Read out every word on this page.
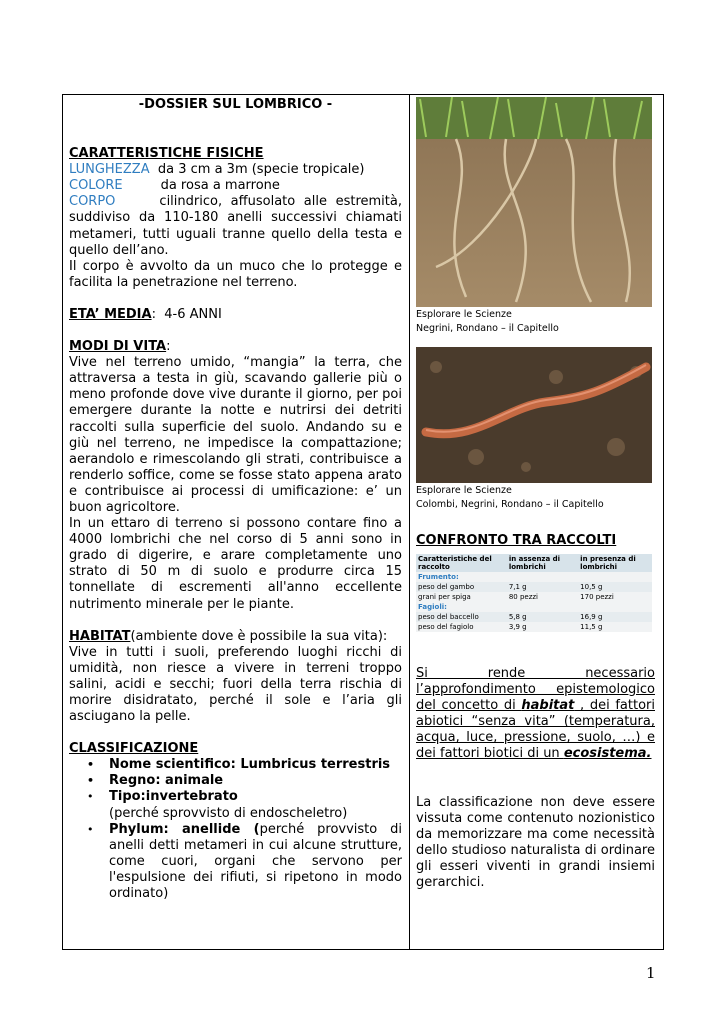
-DOSSIER SUL LOMBRICO -

CARATTERISTICHE FISICHE

LUNGHEZZA da 3 cm a 3m (specie tropicale)

COLORE	da rosa a marrone

CORPO	cilindrico, affusolato alle estremità, suddiviso da 110-180 anelli successivi chiamati metameri, tutti uguali tranne quello della testa e quello dell’ano.

Il corpo è avvolto da un muco che lo protegge e facilita la penetrazione nel terreno.

ETA’ MEDIA: 4-6 ANNI

MODI DI VITA:

Vive nel terreno umido, “mangia” la terra, che attraversa a testa in giù, scavando gallerie più o meno profonde dove vive durante il giorno, per poi emergere durante la notte e nutrirsi dei detriti raccolti sulla superficie del suolo. Andando su e giù nel terreno, ne impedisce la compattazione; aerandolo e rimescolando gli strati, contribuisce a renderlo soffice, come se fosse stato appena arato e contribuisce ai processi di umificazione: e’ un buon agricoltore.

In un ettaro di terreno si possono contare fino a 4000 lombrichi che nel corso di 5 anni sono in grado di digerire, e arare completamente uno strato di 50 m di suolo e produrre circa 15 tonnellate di escrementi all'anno eccellente nutrimento minerale per le piante.

HABITAT(ambiente dove è possibile la sua vita):

Vive in tutti i suoli, preferendo luoghi ricchi di umidità, non riesce a vivere in terreni troppo salini, acidi e secchi; fuori della terra rischia di morire disidratato, perché il sole e l’aria gli asciugano la pelle.

CLASSIFICAZIONE

• Nome scientifico: Lumbricus terrestris
• Regno: animale
• Tipo:invertebrato
(perché sprovvisto di endoscheletro)
• Phylum: anellide (perché provvisto di anelli detti metameri in cui alcune strutture, come cuori, organi che servono per l'espulsione dei rifiuti, si ripetono in modo ordinato)

Esplorare le Scienze

Negrini, Rondano – il Capitello

Esplorare le Scienze

Colombi, Negrini, Rondano – il Capitello

CONFRONTO TRA RACCOLTI

Caratteristiche del raccolto	in assenza di lombrichi	in presenza di lombrichi
Frumento:		
peso del gambo	7,1 g	10,5 g
grani per spiga	80 pezzi	170 pezzi
Fagioli:		
peso del baccello	5,8 g	16,9 g
peso del fagiolo	3,9 g	11,5 g

Si rende necessario l’approfondimento epistemologico del concetto di habitat , dei fattori abiotici “senza vita” (temperatura, acqua, luce, pressione, suolo, …) e dei fattori biotici di un ecosistema.

La classificazione non deve essere vissuta come contenuto nozionistico da memorizzare ma come necessità dello studioso naturalista di ordinare gli esseri viventi in grandi insiemi gerarchici.

1
